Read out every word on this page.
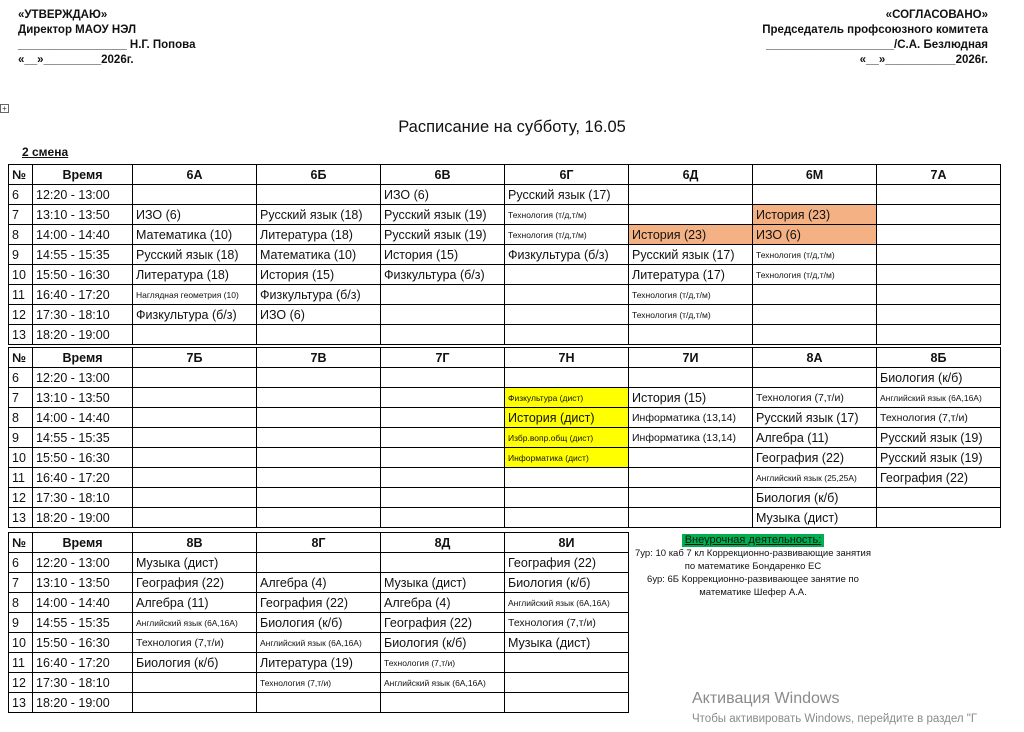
«УТВЕРЖДАЮ»
Директор МАОУ НЭЛ
_________________ Н.Г. Попова
«__»_________2026г.
«СОГЛАСОВАНО»
Председатель профсоюзного комитета
____________________/С.А. Безлюдная
«__»___________2026г.
+
Расписание на субботу, 16.05
2 смена
№	Время	6А	6Б	6В	6Г	6Д	6М	7А
6	12:20 - 13:00			ИЗО (6)	Русский язык (17)			
7	13:10 - 13:50	ИЗО (6)	Русский язык (18)	Русский язык (19)	Технология (т/д,т/м)		История (23)	
8	14:00 - 14:40	Математика (10)	Литература (18)	Русский язык (19)	Технология (т/д,т/м)	История (23)	ИЗО (6)	
9	14:55 - 15:35	Русский язык (18)	Математика (10)	История (15)	Физкультура (б/з)	Русский язык (17)	Технология (т/д,т/м)	
10	15:50 - 16:30	Литература (18)	История (15)	Физкультура (б/з)		Литература (17)	Технология (т/д,т/м)	
11	16:40 - 17:20	Наглядная геометрия (10)	Физкультура (б/з)			Технология (т/д,т/м)		
12	17:30 - 18:10	Физкультура (б/з)	ИЗО (6)			Технология (т/д,т/м)		
13	18:20 - 19:00							
№	Время	7Б	7В	7Г	7Н	7И	8А	8Б
6	12:20 - 13:00							Биология (к/б)
7	13:10 - 13:50				Физкультура (дист)	История (15)	Технология (7,т/и)	Английский язык (6А,16А)
8	14:00 - 14:40				История (дист)	Информатика (13,14)	Русский язык (17)	Технология (7,т/и)
9	14:55 - 15:35				Избр.вопр.общ (дист)	Информатика (13,14)	Алгебра (11)	Русский язык (19)
10	15:50 - 16:30				Информатика (дист)		География (22)	Русский язык (19)
11	16:40 - 17:20						Английский язык (25,25А)	География (22)
12	17:30 - 18:10						Биология (к/б)	
13	18:20 - 19:00						Музыка (дист)	
№	Время	8В	8Г	8Д	8И			
6	12:20 - 13:00	Музыка (дист)			География (22)			
7	13:10 - 13:50	География (22)	Алгебра (4)	Музыка (дист)	Биология (к/б)			
8	14:00 - 14:40	Алгебра (11)	География (22)	Алгебра (4)	Английский язык (6А,16А)			
9	14:55 - 15:35	Английский язык (6А,16А)	Биология (к/б)	География (22)	Технология (7,т/и)			
10	15:50 - 16:30	Технология (7,т/и)	Английский язык (6А,16А)	Биология (к/б)	Музыка (дист)			
11	16:40 - 17:20	Биология (к/б)	Литература (19)	Технология (7,т/и)				
12	17:30 - 18:10		Технология (7,т/и)	Английский язык (6А,16А)				
13	18:20 - 19:00							
Внеурочная деятельность:
7ур: 10 каб 7 кл Коррекционно-развивающие занятия по математике Бондаренко ЕС
6ур: 6Б Коррекционно-развивающее занятие по математике Шефер А.А.
Активация Windows
Чтобы активировать Windows, перейдите в раздел "Г
